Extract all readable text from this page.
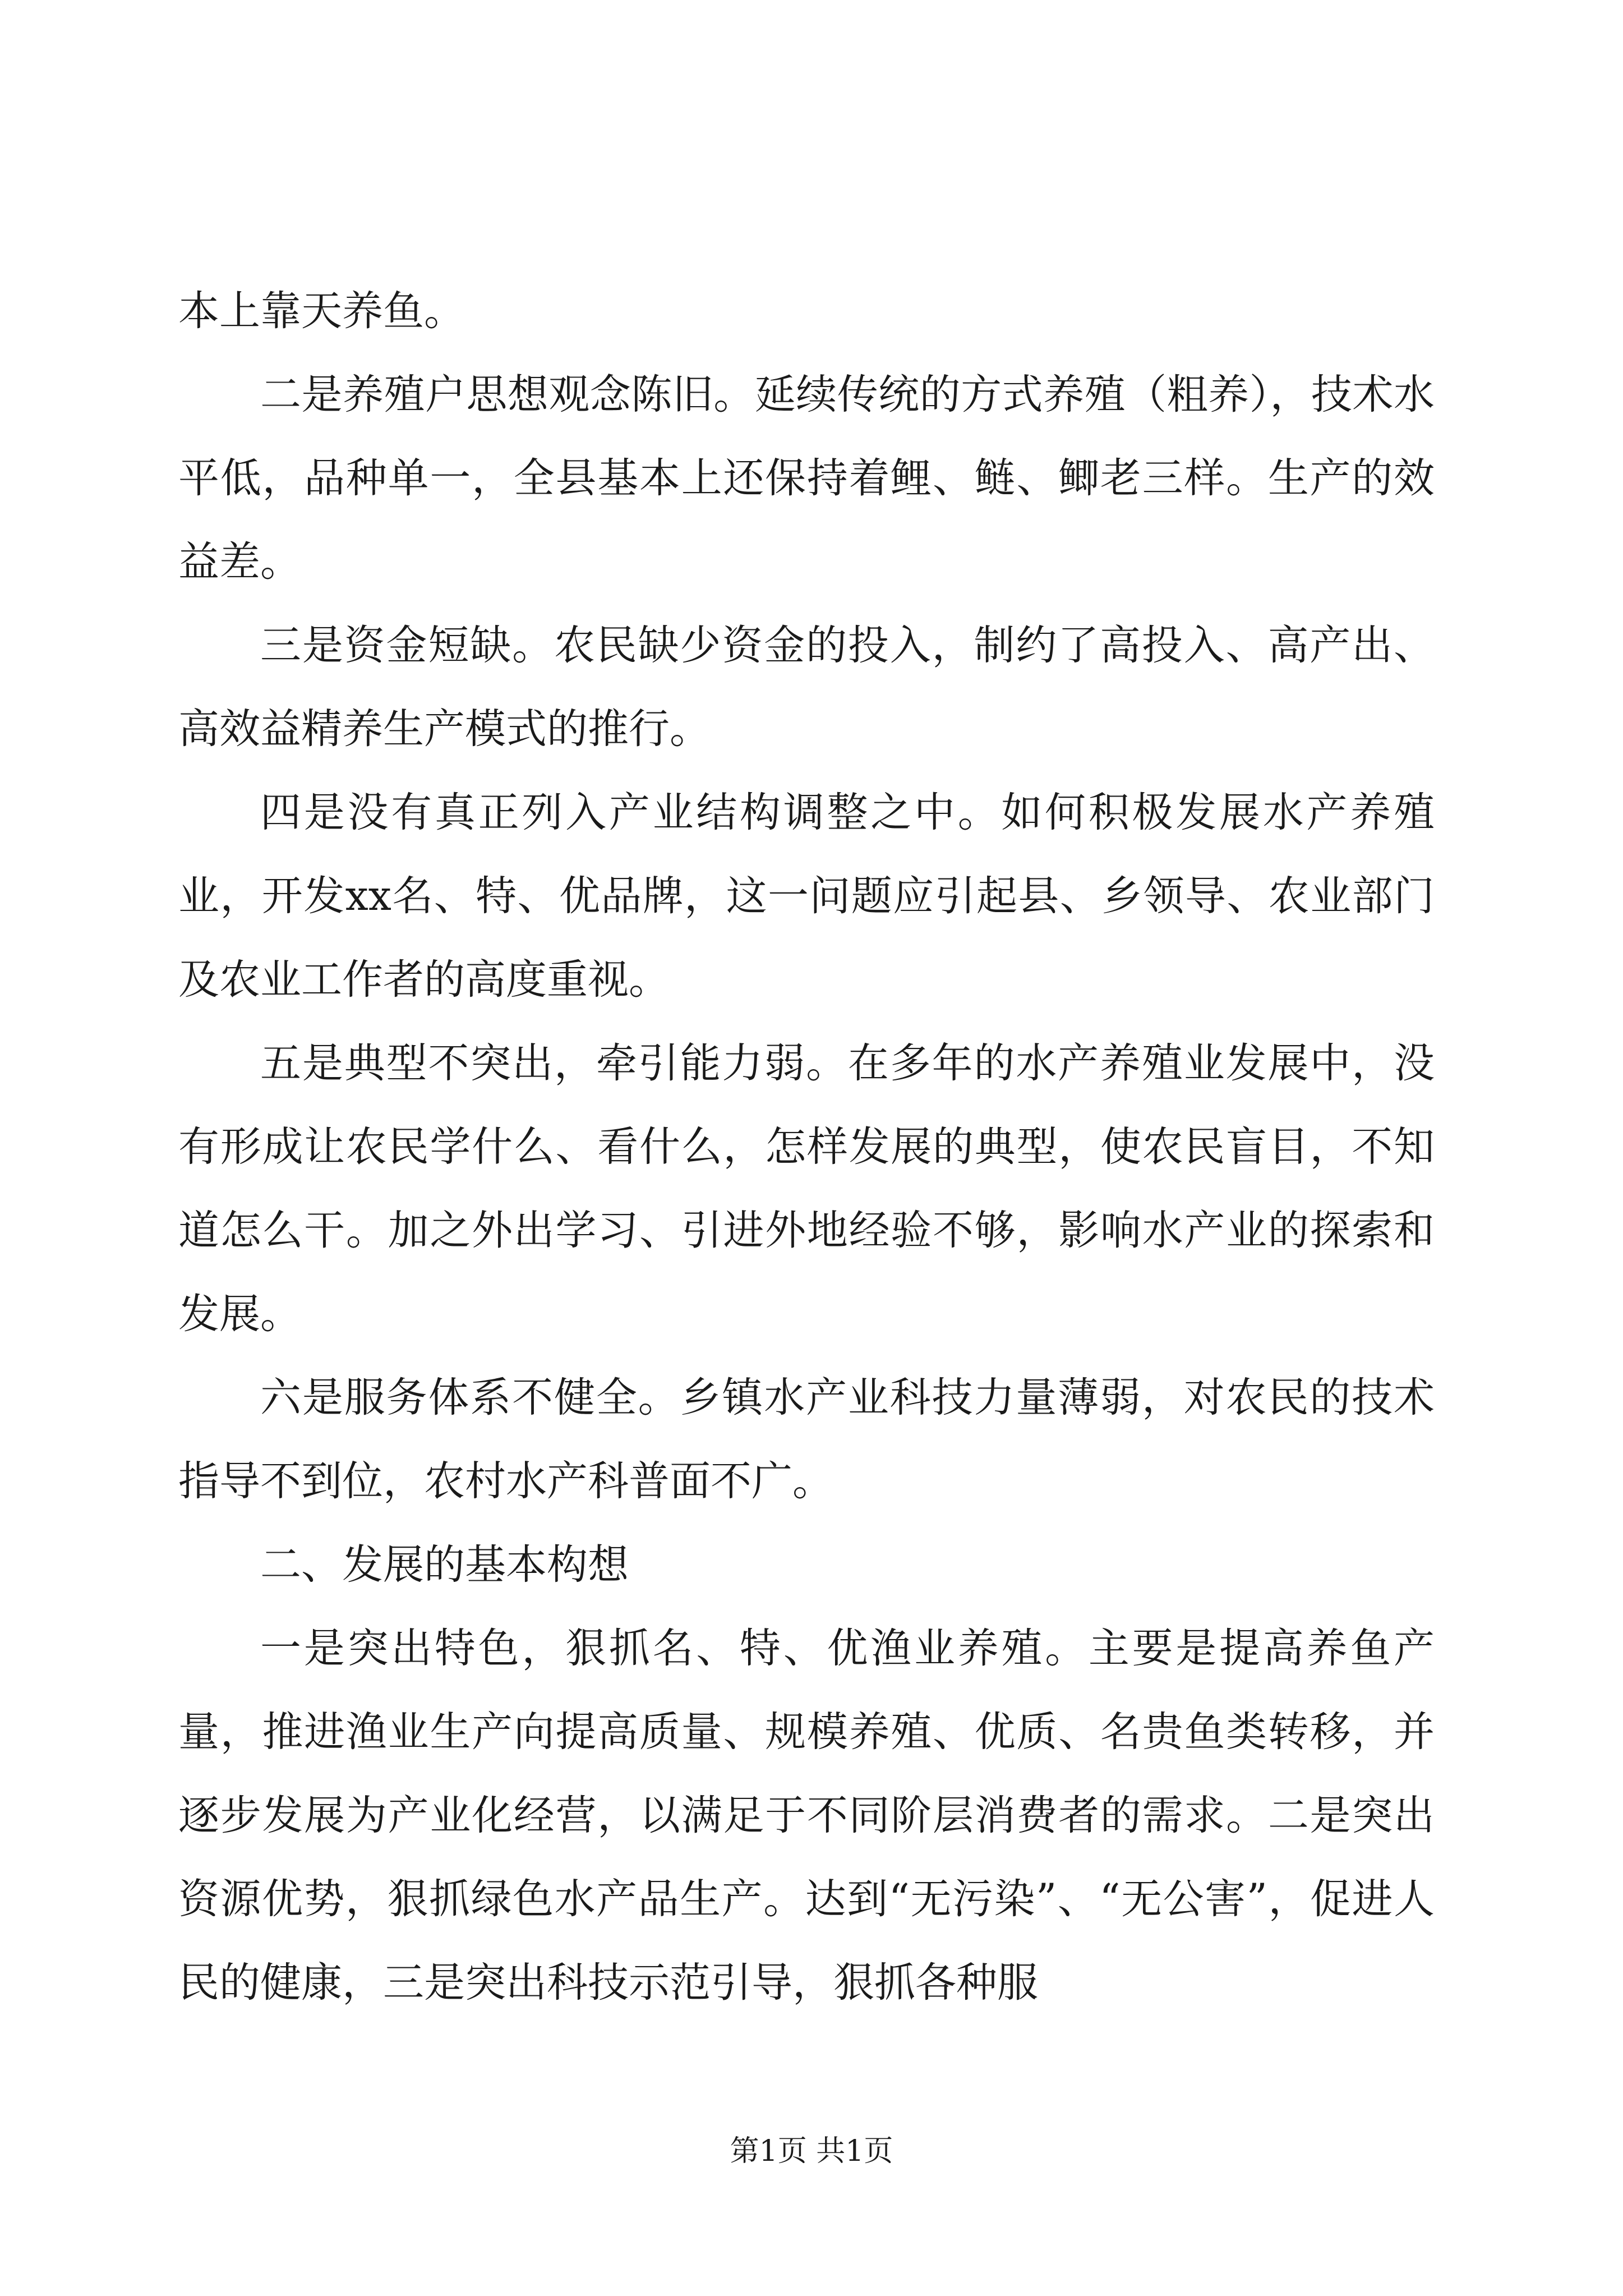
本上靠天养鱼。

二是养殖户思想观念陈旧。延续传统的方式养殖（粗养），技术水平低，品种单一，全县基本上还保持着鲤、鲢、鲫老三样。生产的效益差。

三是资金短缺。农民缺少资金的投入，制约了高投入、高产出、高效益精养生产模式的推行。

四是没有真正列入产业结构调整之中。如何积极发展水产养殖业，开发xx名、特、优品牌，这一问题应引起县、乡领导、农业部门及农业工作者的高度重视。

五是典型不突出，牵引能力弱。在多年的水产养殖业发展中，没有形成让农民学什么、看什么，怎样发展的典型，使农民盲目，不知道怎么干。加之外出学习、引进外地经验不够，影响水产业的探索和发展。

六是服务体系不健全。乡镇水产业科技力量薄弱，对农民的技术指导不到位，农村水产科普面不广。

二、发展的基本构想

一是突出特色，狠抓名、特、优渔业养殖。主要是提高养鱼产量，推进渔业生产向提高质量、规模养殖、优质、名贵鱼类转移，并逐步发展为产业化经营，以满足于不同阶层消费者的需求。二是突出资源优势，狠抓绿色水产品生产。达到“无污染”、“无公害”，促进人民的健康，三是突出科技示范引导，狠抓各种服

第1页 共1页
